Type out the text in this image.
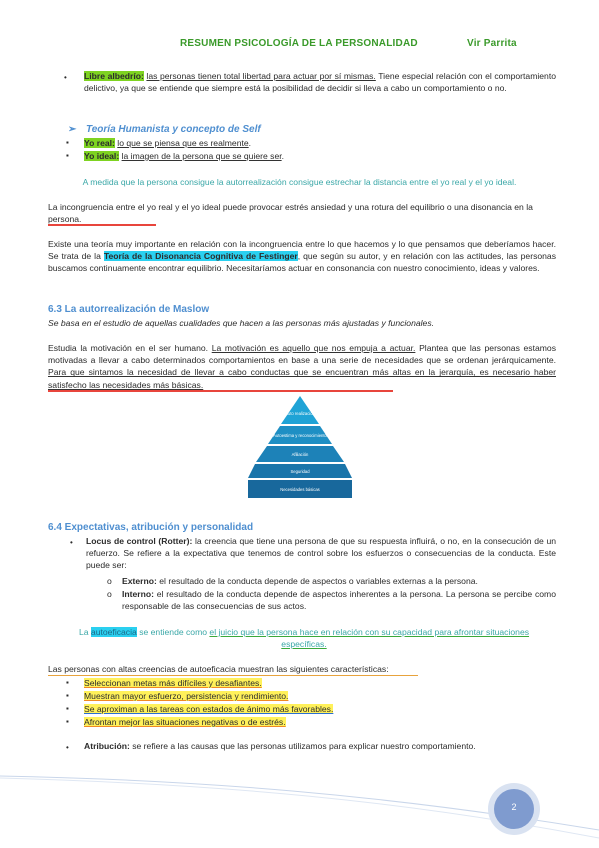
RESUMEN PSICOLOGÍA DE LA PERSONALIDAD	Vir Parrita
• Libre albedrío: las personas tienen total libertad para actuar por sí mismas. Tiene especial relación con el comportamiento delictivo, ya que se entiende que siempre está la posibilidad de decidir si lleva a cabo un comportamiento o no.
➢ Teoría Humanista y concepto de Self
▪ Yo real: lo que se piensa que es realmente.
▪ Yo ideal: la imagen de la persona que se quiere ser.
A medida que la persona consigue la autorrealización consigue estrechar la distancia entre el yo real y el yo ideal.
La incongruencia entre el yo real y el yo ideal puede provocar estrés ansiedad y una rotura del equilibrio o una disonancia en la persona.
Existe una teoría muy importante en relación con la incongruencia entre lo que hacemos y lo que pensamos que deberíamos hacer. Se trata de la Teoría de la Disonancia Cognitiva de Festinger, que según su autor, y en relación con las actitudes, las personas buscamos continuamente encontrar equilibrio. Necesitaríamos actuar en consonancia con nuestro conocimiento, ideas y valores.
6.3 La autorrealización de Maslow
Se basa en el estudio de aquellas cualidades que hacen a las personas más ajustadas y funcionales.
Estudia la motivación en el ser humano. La motivación es aquello que nos empuja a actuar. Plantea que las personas estamos motivadas a llevar a cabo determinados comportamientos en base a una serie de necesidades que se ordenan jerárquicamente. Para que sintamos la necesidad de llevar a cabo conductas que se encuentran más altas en la jerarquía, es necesario haber satisfecho las necesidades más básicas.
Auto realización
Autoestima y reconocimiento
Afiliación
Seguridad
Necesidades básicas
6.4 Expectativas, atribución y personalidad
• Locus de control (Rotter): la creencia que tiene una persona de que su respuesta influirá, o no, en la consecución de un refuerzo. Se refiere a la expectativa que tenemos de control sobre los esfuerzos o consecuencias de la conducta. Este puede ser:
o Externo: el resultado de la conducta depende de aspectos o variables externas a la persona.
o Interno: el resultado de la conducta depende de aspectos inherentes a la persona. La persona se percibe como responsable de las consecuencias de sus actos.
La autoeficacia se entiende como el juicio que la persona hace en relación con su capacidad para afrontar situaciones específicas.
Las personas con altas creencias de autoeficacia muestran las siguientes características:
▪ Seleccionan metas más difíciles y desafiantes.
▪ Muestran mayor esfuerzo, persistencia y rendimiento.
▪ Se aproximan a las tareas con estados de ánimo más favorables.
▪ Afrontan mejor las situaciones negativas o de estrés.
• Atribución: se refiere a las causas que las personas utilizamos para explicar nuestro comportamiento.
2
